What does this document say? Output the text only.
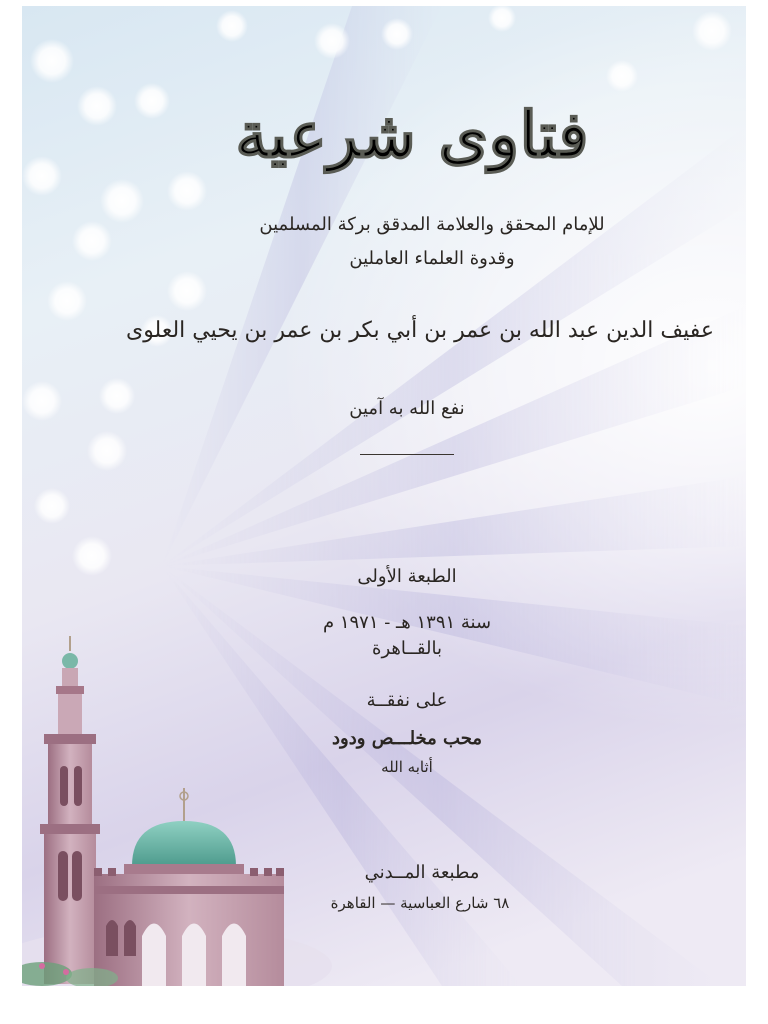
فتاوى شرعية
للإمام المحقق والعلامة المدقق بركة المسلمين
وقدوة العلماء العاملين
عفيف الدين عبد الله بن عمر بن أبي بكر بن عمر بن يحيي العلوى
نفع الله به آمين
الطبعة الأولى
سنة ١٣٩١ هـ - ١٩٧١ م
بالقــاهرة
على نفقــة
محب مخلـــص ودود
أثابه الله
مطبعة المــدني
٦٨ شارع العباسية — القاهرة
